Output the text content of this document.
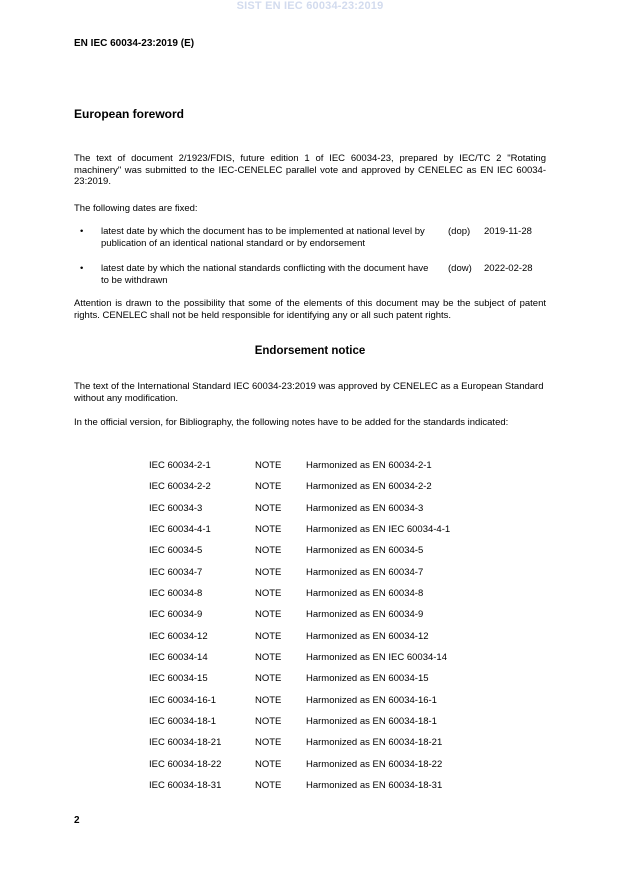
SIST EN IEC 60034-23:2019
EN IEC 60034-23:2019 (E)
European foreword

The text of document 2/1923/FDIS, future edition 1 of IEC 60034-23, prepared by IEC/TC 2 "Rotating machinery" was submitted to the IEC-CENELEC parallel vote and approved by CENELEC as EN IEC 60034-23:2019.

The following dates are fixed:

• latest date by which the document has to be implemented at national level by publication of an identical national standard or by endorsement
(dop) 2019-11-28
• latest date by which the national standards conflicting with the document have to be withdrawn
(dow) 2022-02-28

Attention is drawn to the possibility that some of the elements of this document may be the subject of patent rights. CENELEC shall not be held responsible for identifying any or all such patent rights.

Endorsement notice

The text of the International Standard IEC 60034-23:2019 was approved by CENELEC as a European Standard without any modification.

In the official version, for Bibliography, the following notes have to be added for the standards indicated:

IEC 60034-2-1	NOTE	Harmonized as EN 60034-2-1
IEC 60034-2-2	NOTE	Harmonized as EN 60034-2-2
IEC 60034-3	NOTE	Harmonized as EN 60034-3
IEC 60034-4-1	NOTE	Harmonized as EN IEC 60034-4-1
IEC 60034-5	NOTE	Harmonized as EN 60034-5
IEC 60034-7	NOTE	Harmonized as EN 60034-7
IEC 60034-8	NOTE	Harmonized as EN 60034-8
IEC 60034-9	NOTE	Harmonized as EN 60034-9
IEC 60034-12	NOTE	Harmonized as EN 60034-12
IEC 60034-14	NOTE	Harmonized as EN IEC 60034-14
IEC 60034-15	NOTE	Harmonized as EN 60034-15
IEC 60034-16-1	NOTE	Harmonized as EN 60034-16-1
IEC 60034-18-1	NOTE	Harmonized as EN 60034-18-1
IEC 60034-18-21	NOTE	Harmonized as EN 60034-18-21
IEC 60034-18-22	NOTE	Harmonized as EN 60034-18-22
IEC 60034-18-31	NOTE	Harmonized as EN 60034-18-31
2
